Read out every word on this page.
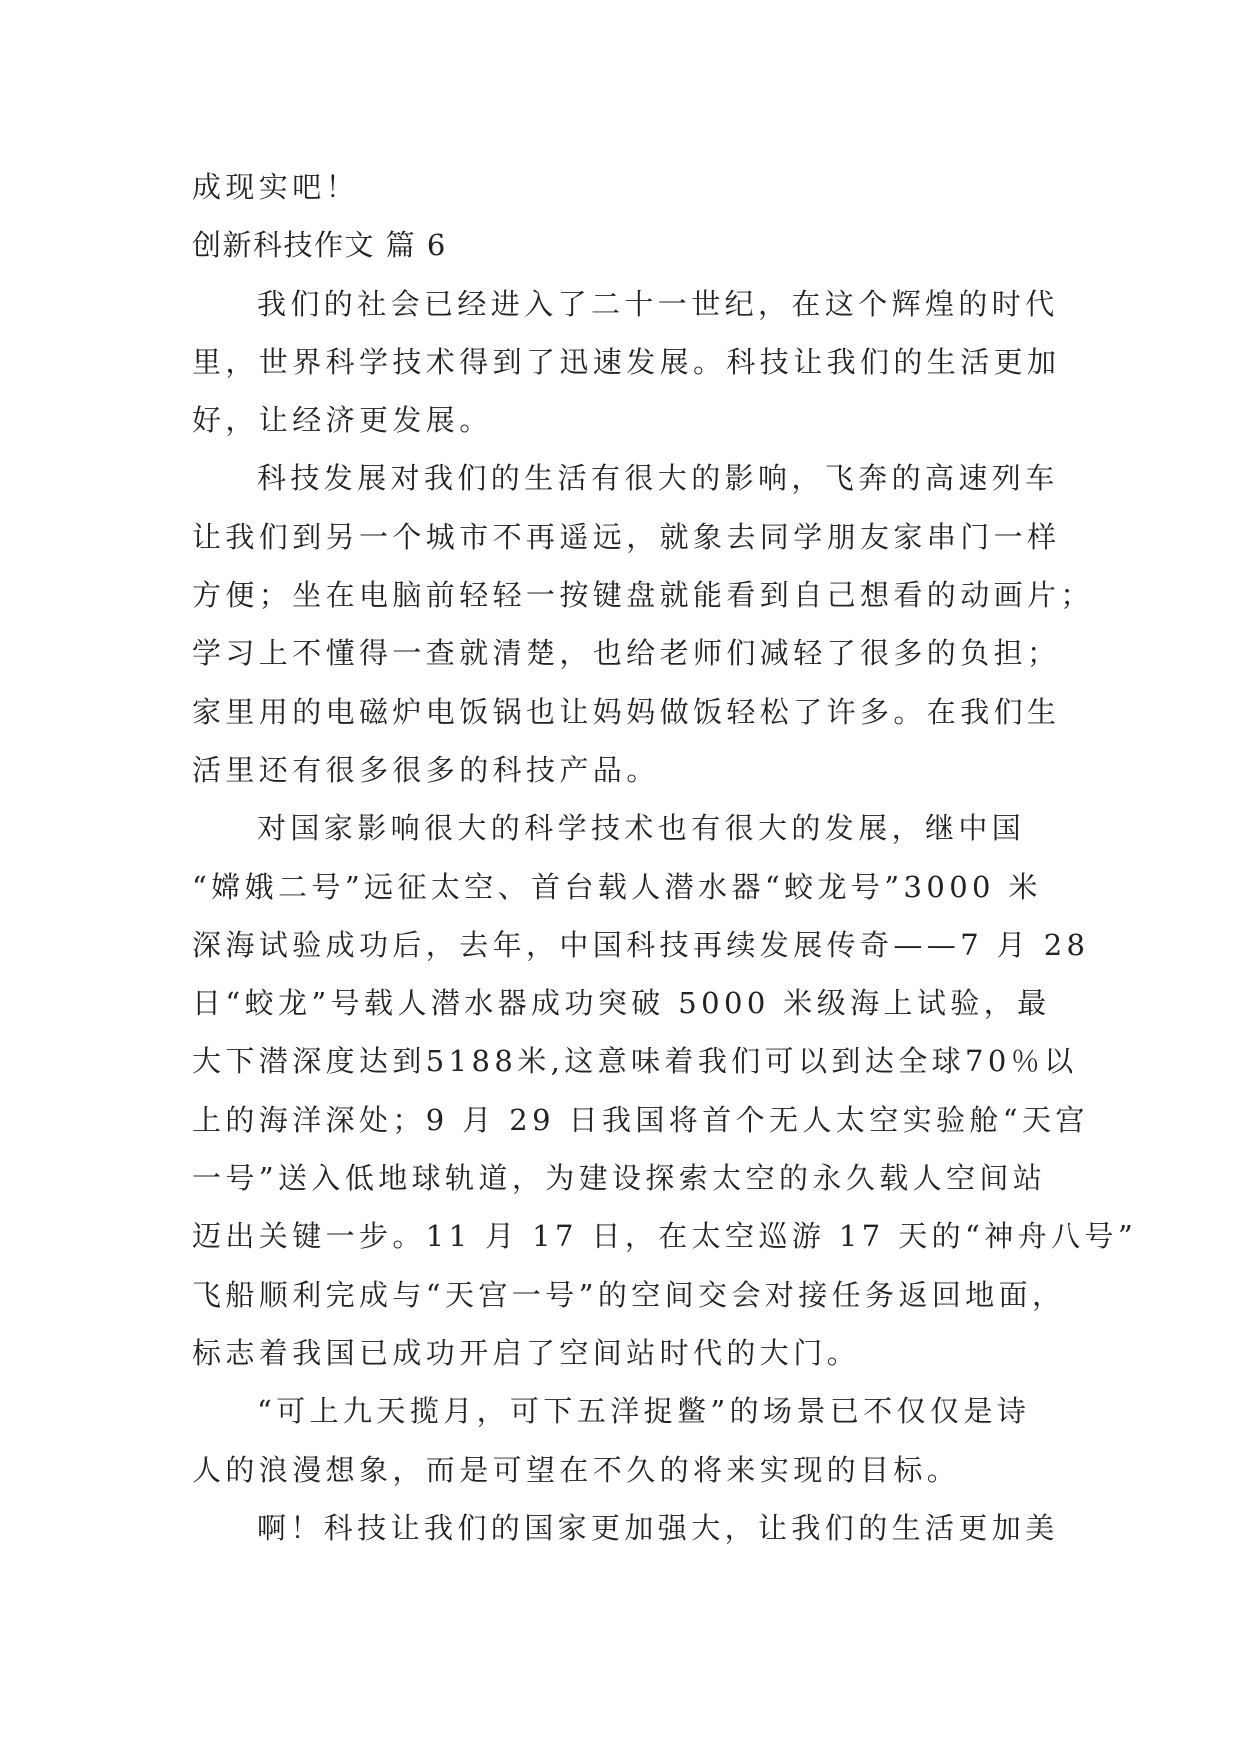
成现实吧！
创新科技作文 篇 6
我们的社会已经进入了二十一世纪，在这个辉煌的时代
里，世界科学技术得到了迅速发展。科技让我们的生活更加
好，让经济更发展。
科技发展对我们的生活有很大的影响，飞奔的高速列车
让我们到另一个城市不再遥远，就象去同学朋友家串门一样
方便；坐在电脑前轻轻一按键盘就能看到自己想看的动画片；
学习上不懂得一查就清楚，也给老师们减轻了很多的负担；
家里用的电磁炉电饭锅也让妈妈做饭轻松了许多。在我们生
活里还有很多很多的科技产品。
对国家影响很大的科学技术也有很大的发展，继中国
“嫦娥二号”远征太空、首台载人潜水器“蛟龙号”3000 米
深海试验成功后，去年，中国科技再续发展传奇——7 月 28
日“蛟龙”号载人潜水器成功突破 5000 米级海上试验，最
大下潜深度达到5188米,这意味着我们可以到达全球70％以
上的海洋深处；9 月 29 日我国将首个无人太空实验舱“天宫
一号”送入低地球轨道，为建设探索太空的永久载人空间站
迈出关键一步。11 月 17 日，在太空巡游 17 天的“神舟八号”
飞船顺利完成与“天宫一号”的空间交会对接任务返回地面，
标志着我国已成功开启了空间站时代的大门。
“可上九天揽月，可下五洋捉鳖”的场景已不仅仅是诗
人的浪漫想象，而是可望在不久的将来实现的目标。
啊！科技让我们的国家更加强大，让我们的生活更加美
